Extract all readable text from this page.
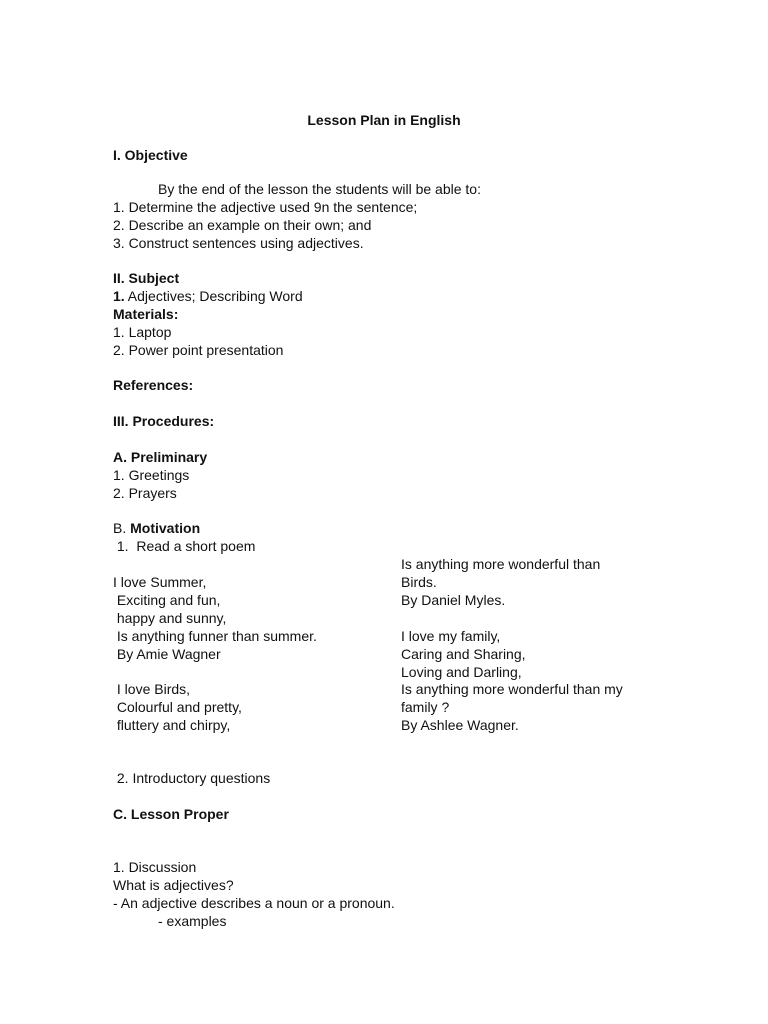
Lesson Plan in English
I. Objective
By the end of the lesson the students will be able to:
1. Determine the adjective used 9n the sentence;
2. Describe an example on their own; and
3. Construct sentences using adjectives.
II. Subject
1. Adjectives; Describing Word
Materials:
1. Laptop
2. Power point presentation
References:
III. Procedures:
A. Preliminary
1. Greetings
2. Prayers
B. Motivation
1.  Read a short poem
I love Summer,
Exciting and fun,
happy and sunny,
Is anything funner than summer.
By Amie Wagner
I love Birds,
Colourful and pretty,
fluttery and chirpy,
Is anything more wonderful than
Birds.
By Daniel Myles.
I love my family,
Caring and Sharing,
Loving and Darling,
Is anything more wonderful than my
family ?
By Ashlee Wagner.
2. Introductory questions
C. Lesson Proper
1. Discussion
What is adjectives?
- An adjective describes a noun or a pronoun.
- examples
